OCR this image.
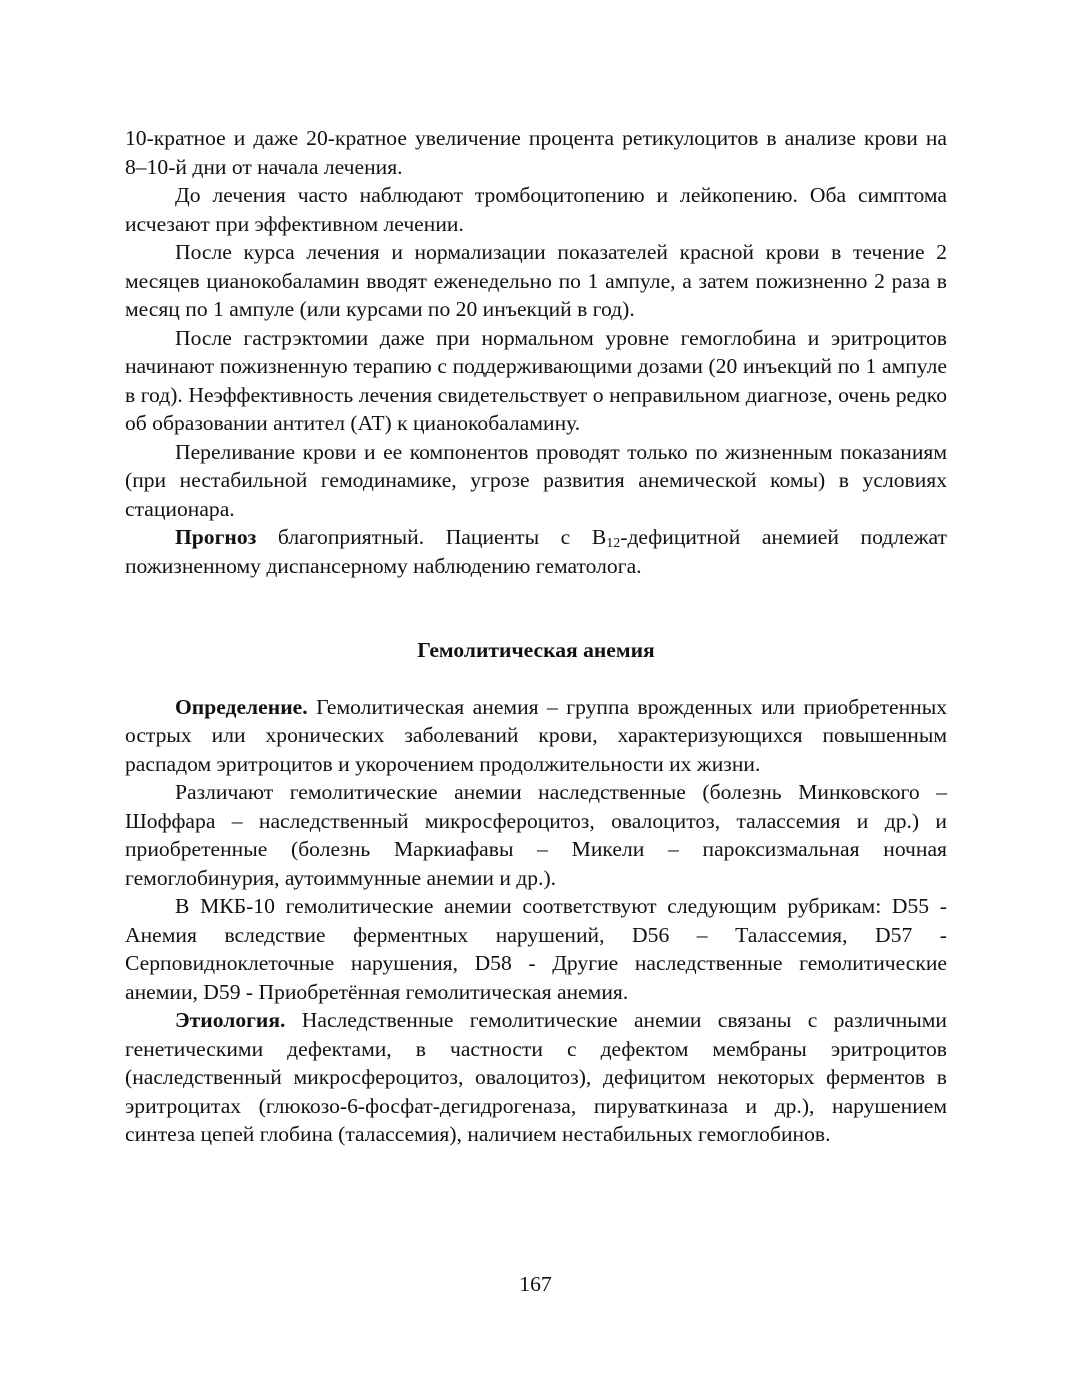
10-кратное и даже 20-кратное увеличение процента ретикулоцитов в анализе крови на 8–10-й дни от начала лечения.

До лечения часто наблюдают тромбоцитопению и лейкопению. Оба симптома исчезают при эффективном лечении.

После курса лечения и нормализации показателей красной крови в течение 2 месяцев цианокобаламин вводят еженедельно по 1 ампуле, а затем пожизненно 2 раза в месяц по 1 ампуле (или курсами по 20 инъекций в год).

После гастрэктомии даже при нормальном уровне гемоглобина и эритроцитов начинают пожизненную терапию с поддерживающими дозами (20 инъекций по 1 ампуле в год). Неэффективность лечения свидетельствует о неправильном диагнозе, очень редко об образовании антител (АТ) к цианокобаламину.

Переливание крови и ее компонентов проводят только по жизненным показаниям (при нестабильной гемодинамике, угрозе развития анемической комы) в условиях стационара.

Прогноз благоприятный. Пациенты с $B_{12}$-дефицитной анемией подлежат пожизненному диспансерному наблюдению гематолога.

Гемолитическая анемия

Определение. Гемолитическая анемия – группа врожденных или приобретенных острых или хронических заболеваний крови, характеризующихся повышенным распадом эритроцитов и укорочением продолжительности их жизни.

Различают гемолитические анемии наследственные (болезнь Минковского – Шоффара – наследственный микросфероцитоз, овалоцитоз, талассемия и др.) и приобретенные (болезнь Маркиафавы – Микели – пароксизмальная ночная гемоглобинурия, аутоиммунные анемии и др.).

В МКБ-10 гемолитические анемии соответствуют следующим рубрикам: D55 - Анемия вследствие ферментных нарушений, D56 – Талассемия, D57 - Серповидноклеточные нарушения, D58 - Другие наследственные гемолитические анемии, D59 - Приобретённая гемолитическая анемия.

Этиология. Наследственные гемолитические анемии связаны с различными генетическими дефектами, в частности с дефектом мембраны эритроцитов (наследственный микросфероцитоз, овалоцитоз), дефицитом некоторых ферментов в эритроцитах (глюкозо-6-фосфат-дегидрогеназа, пируваткиназа и др.), нарушением синтеза цепей глобина (талассемия), наличием нестабильных гемоглобинов.

167
